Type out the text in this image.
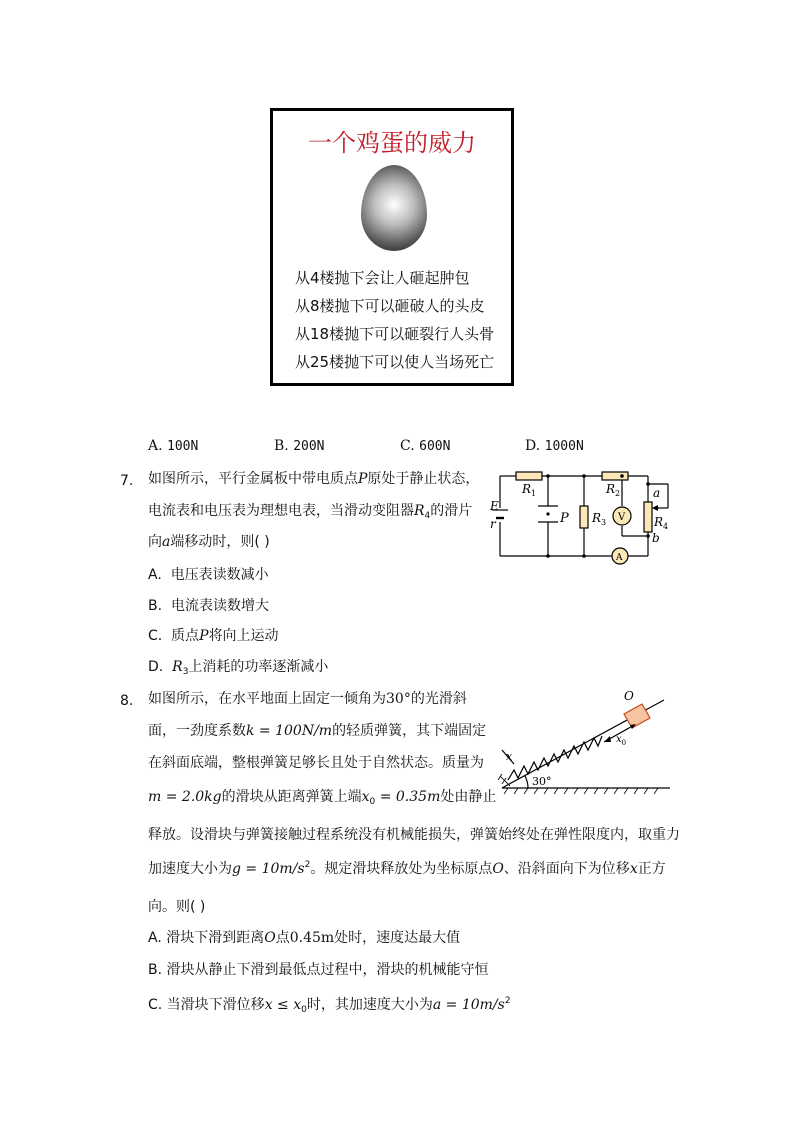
一个鸡蛋的威力
从4楼抛下会让人砸起肿包
从8楼抛下可以砸破人的头皮
从18楼抛下可以砸裂行人头骨
从25楼抛下可以使人当场死亡
A. 100N	B. 200N	C. 600N	D. 1000N
7. 如图所示，平行金属板中带电质点P原处于静止状态，
电流表和电压表为理想电表，当滑动变阻器$R_4$的滑片
向a端移动时，则( )
A. 电压表读数减小
B. 电流表读数增大
C. 质点P将向上运动
D. $R_3$上消耗的功率逐渐减小
V
A
E
r
$R_1$	$R_2$
$R_3$	$R_4$
P
a
b
8. 如图所示，在水平地面上固定一倾角为30°的光滑斜
面，一劲度系数k = 100N/m的轻质弹簧，其下端固定
在斜面底端，整根弹簧足够长且处于自然状态。质量为
m = 2.0kg的滑块从距离弹簧上端$x_0 = 0.35m$处由静止
释放。设滑块与弹簧接触过程系统没有机械能损失，弹簧始终处在弹性限度内，取重力
加速度大小为$g = 10m/s^2$。规定滑块释放处为坐标原点O、沿斜面向下为位移x正方
向。则( )
A. 滑块下滑到距离O点0.45m处时，速度达最大值
B. 滑块从静止下滑到最低点过程中，滑块的机械能守恒
C. 当滑块下滑位移$x \le x_0$时，其加速度大小为$a = 10m/s^2$
O
x
$x_0$
30°
